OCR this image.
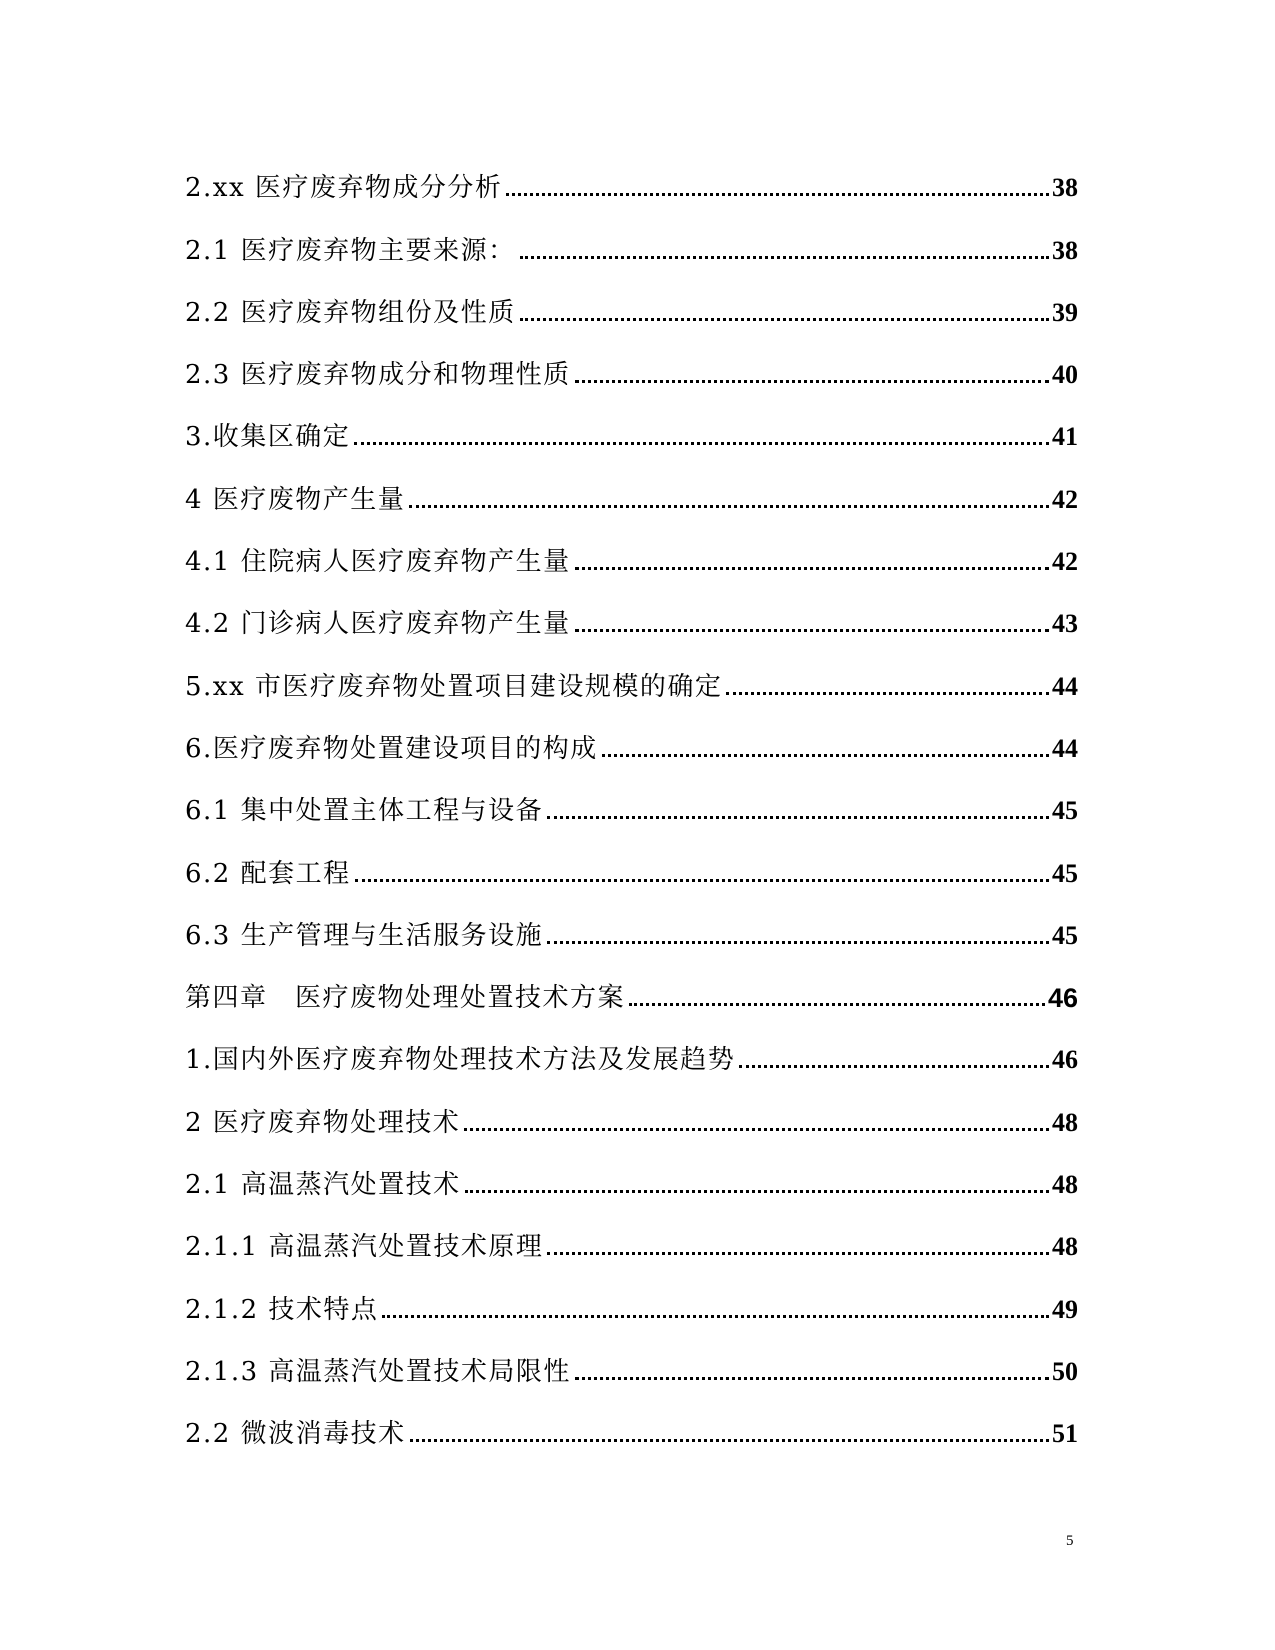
2.xx 医疗废弃物成分分析	38
2.1 医疗废弃物主要来源：	38
2.2 医疗废弃物组份及性质	39
2.3 医疗废弃物成分和物理性质	40
3.收集区确定	41
4 医疗废物产生量	42
4.1 住院病人医疗废弃物产生量	42
4.2 门诊病人医疗废弃物产生量	43
5.xx 市医疗废弃物处置项目建设规模的确定	44
6.医疗废弃物处置建设项目的构成	44
6.1 集中处置主体工程与设备	45
6.2 配套工程	45
6.3 生产管理与生活服务设施	45
第四章　医疗废物处理处置技术方案	46
1.国内外医疗废弃物处理技术方法及发展趋势	46
2 医疗废弃物处理技术	48
2.1 高温蒸汽处置技术	48
2.1.1 高温蒸汽处置技术原理	48
2.1.2 技术特点	49
2.1.3 高温蒸汽处置技术局限性	50
2.2 微波消毒技术	51
5
